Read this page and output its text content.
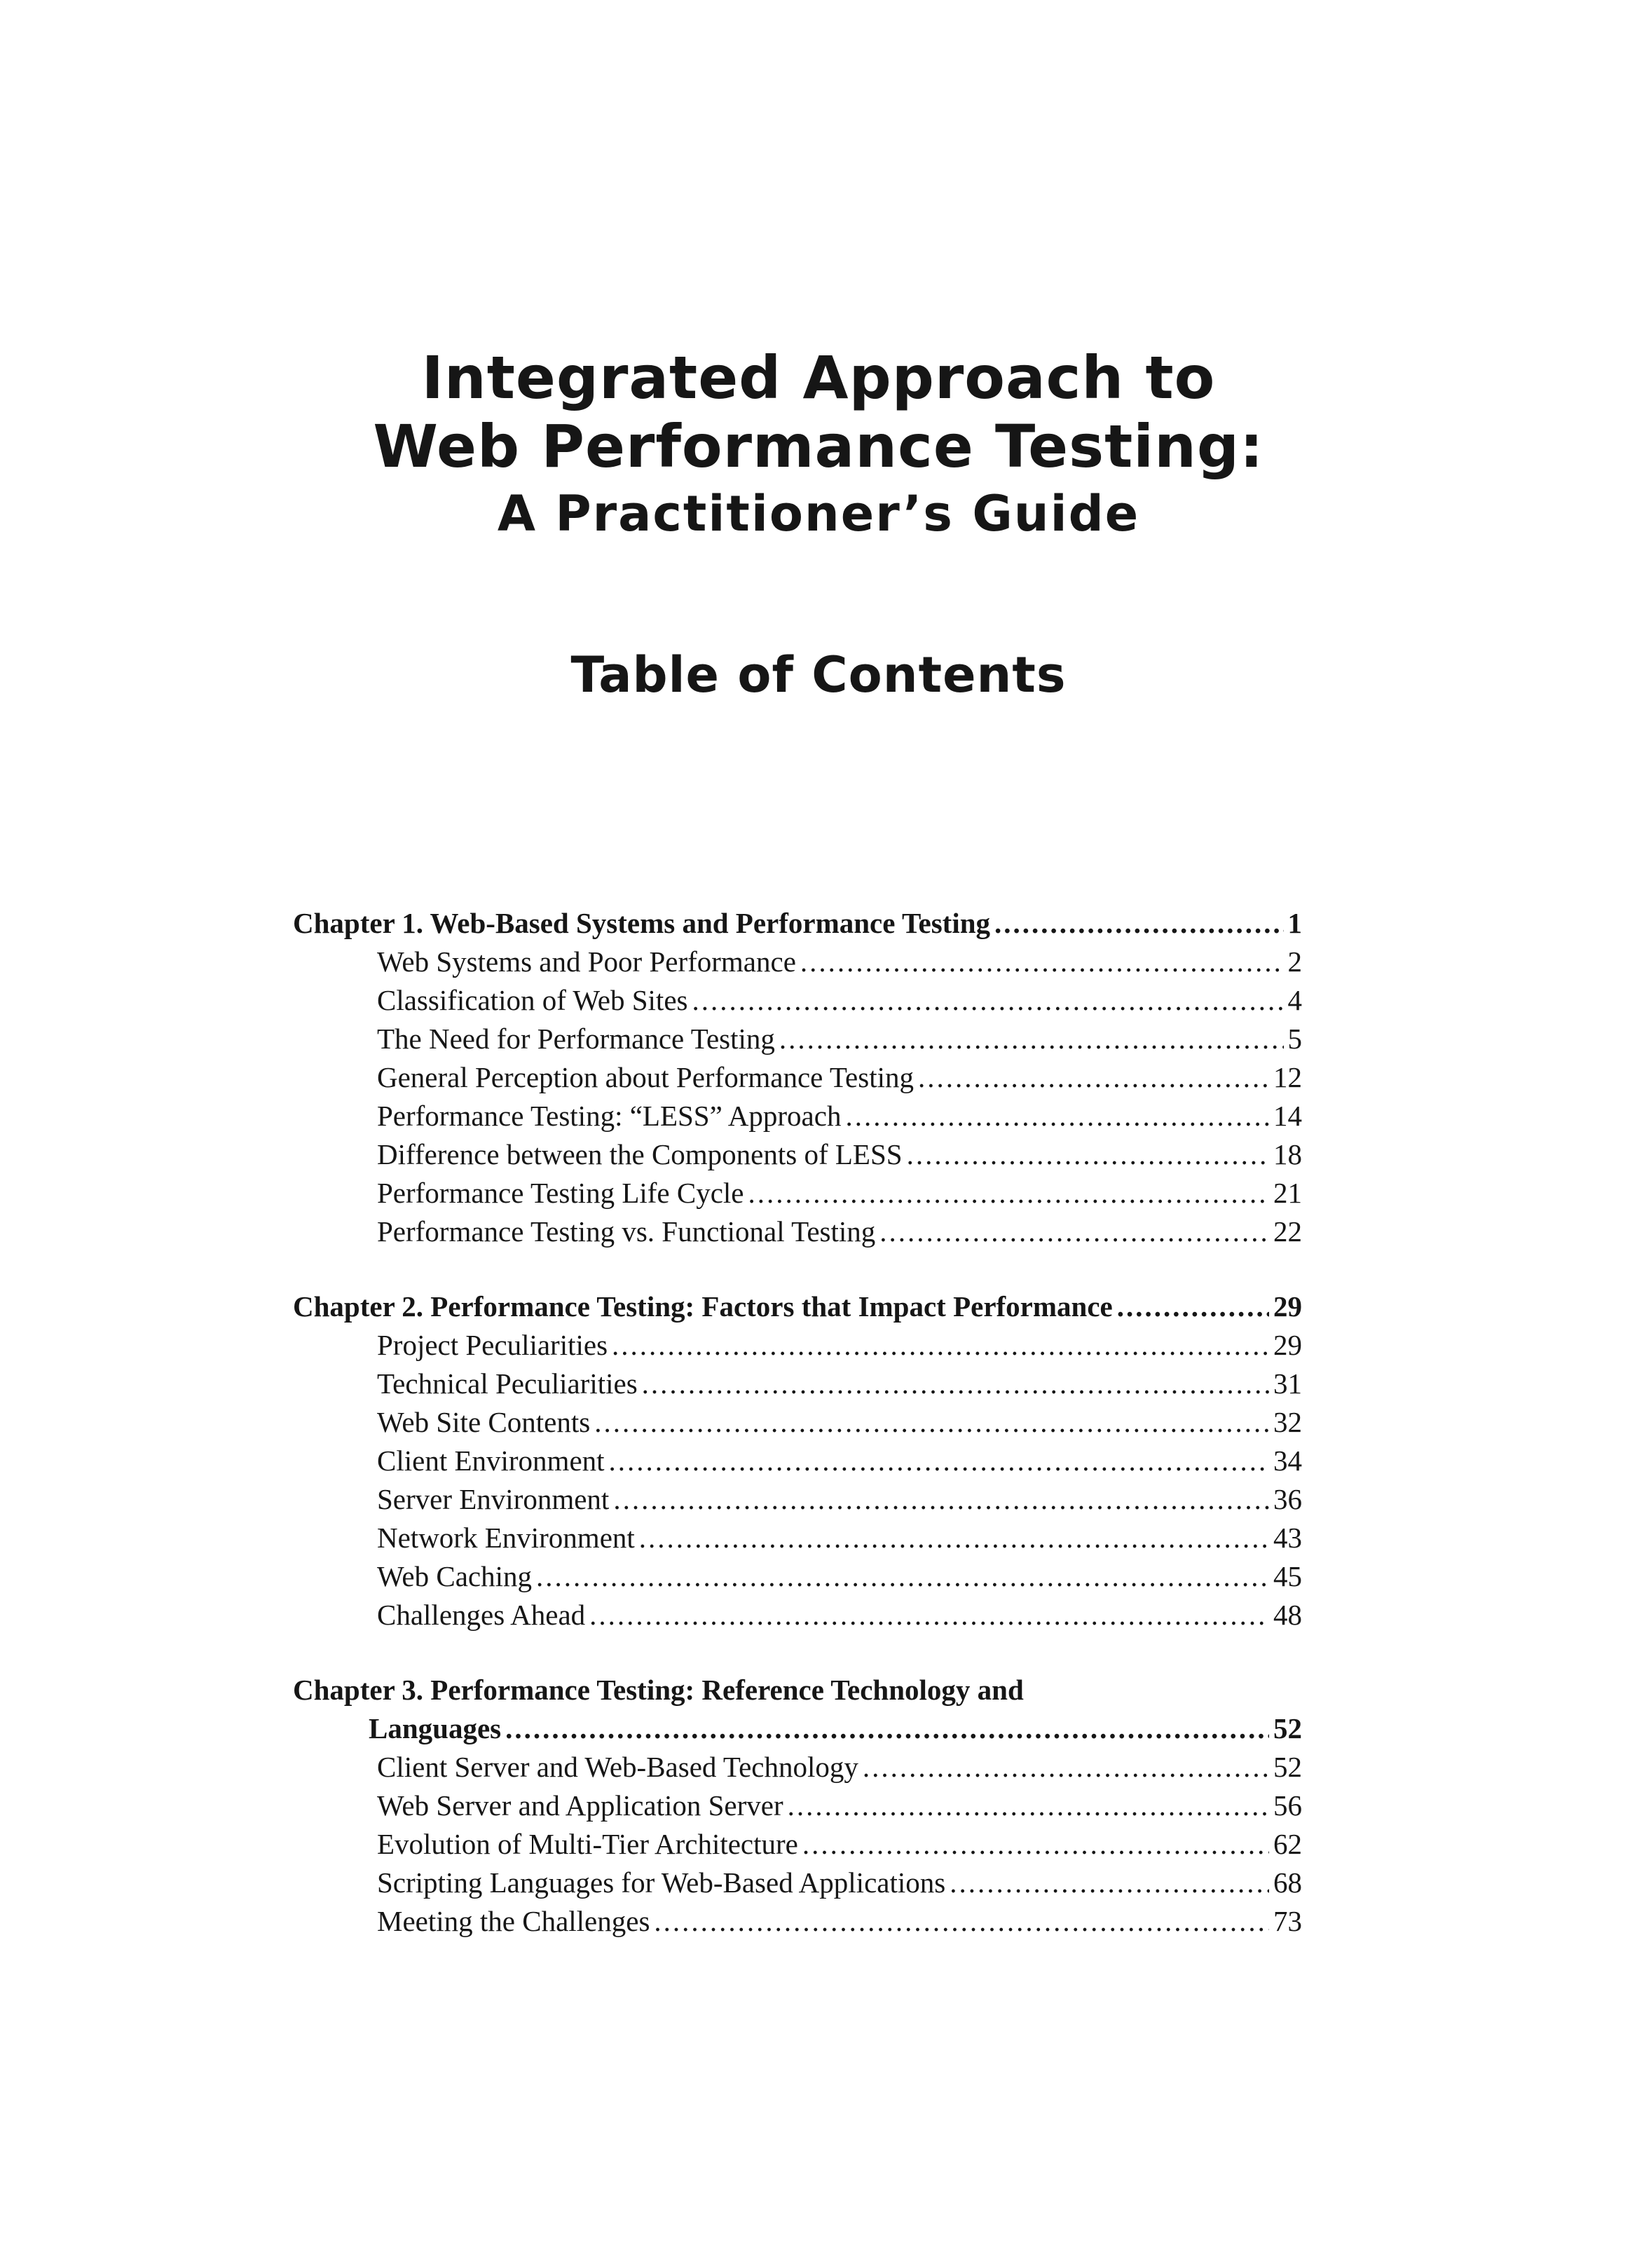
Integrated Approach to
Web Performance Testing:
A Practitioner’s Guide
Table of Contents
Chapter 1. Web-Based Systems and Performance Testing .....	1
Web Systems and Poor Performance .....	2
Classification of Web Sites .....	4
The Need for Performance Testing .....	5
General Perception about Performance Testing .....	12
Performance Testing: “LESS” Approach .....	14
Difference between the Components of LESS .....	18
Performance Testing Life Cycle .....	21
Performance Testing vs. Functional Testing .....	22
Chapter 2. Performance Testing: Factors that Impact Performance .....	29
Project Peculiarities .....	29
Technical Peculiarities .....	31
Web Site Contents .....	32
Client Environment .....	34
Server Environment .....	36
Network Environment .....	43
Web Caching .....	45
Challenges Ahead .....	48
Chapter 3. Performance Testing: Reference Technology and
Languages .....	52
Client Server and Web-Based Technology .....	52
Web Server and Application Server .....	56
Evolution of Multi-Tier Architecture .....	62
Scripting Languages for Web-Based Applications .....	68
Meeting the Challenges .....	73
